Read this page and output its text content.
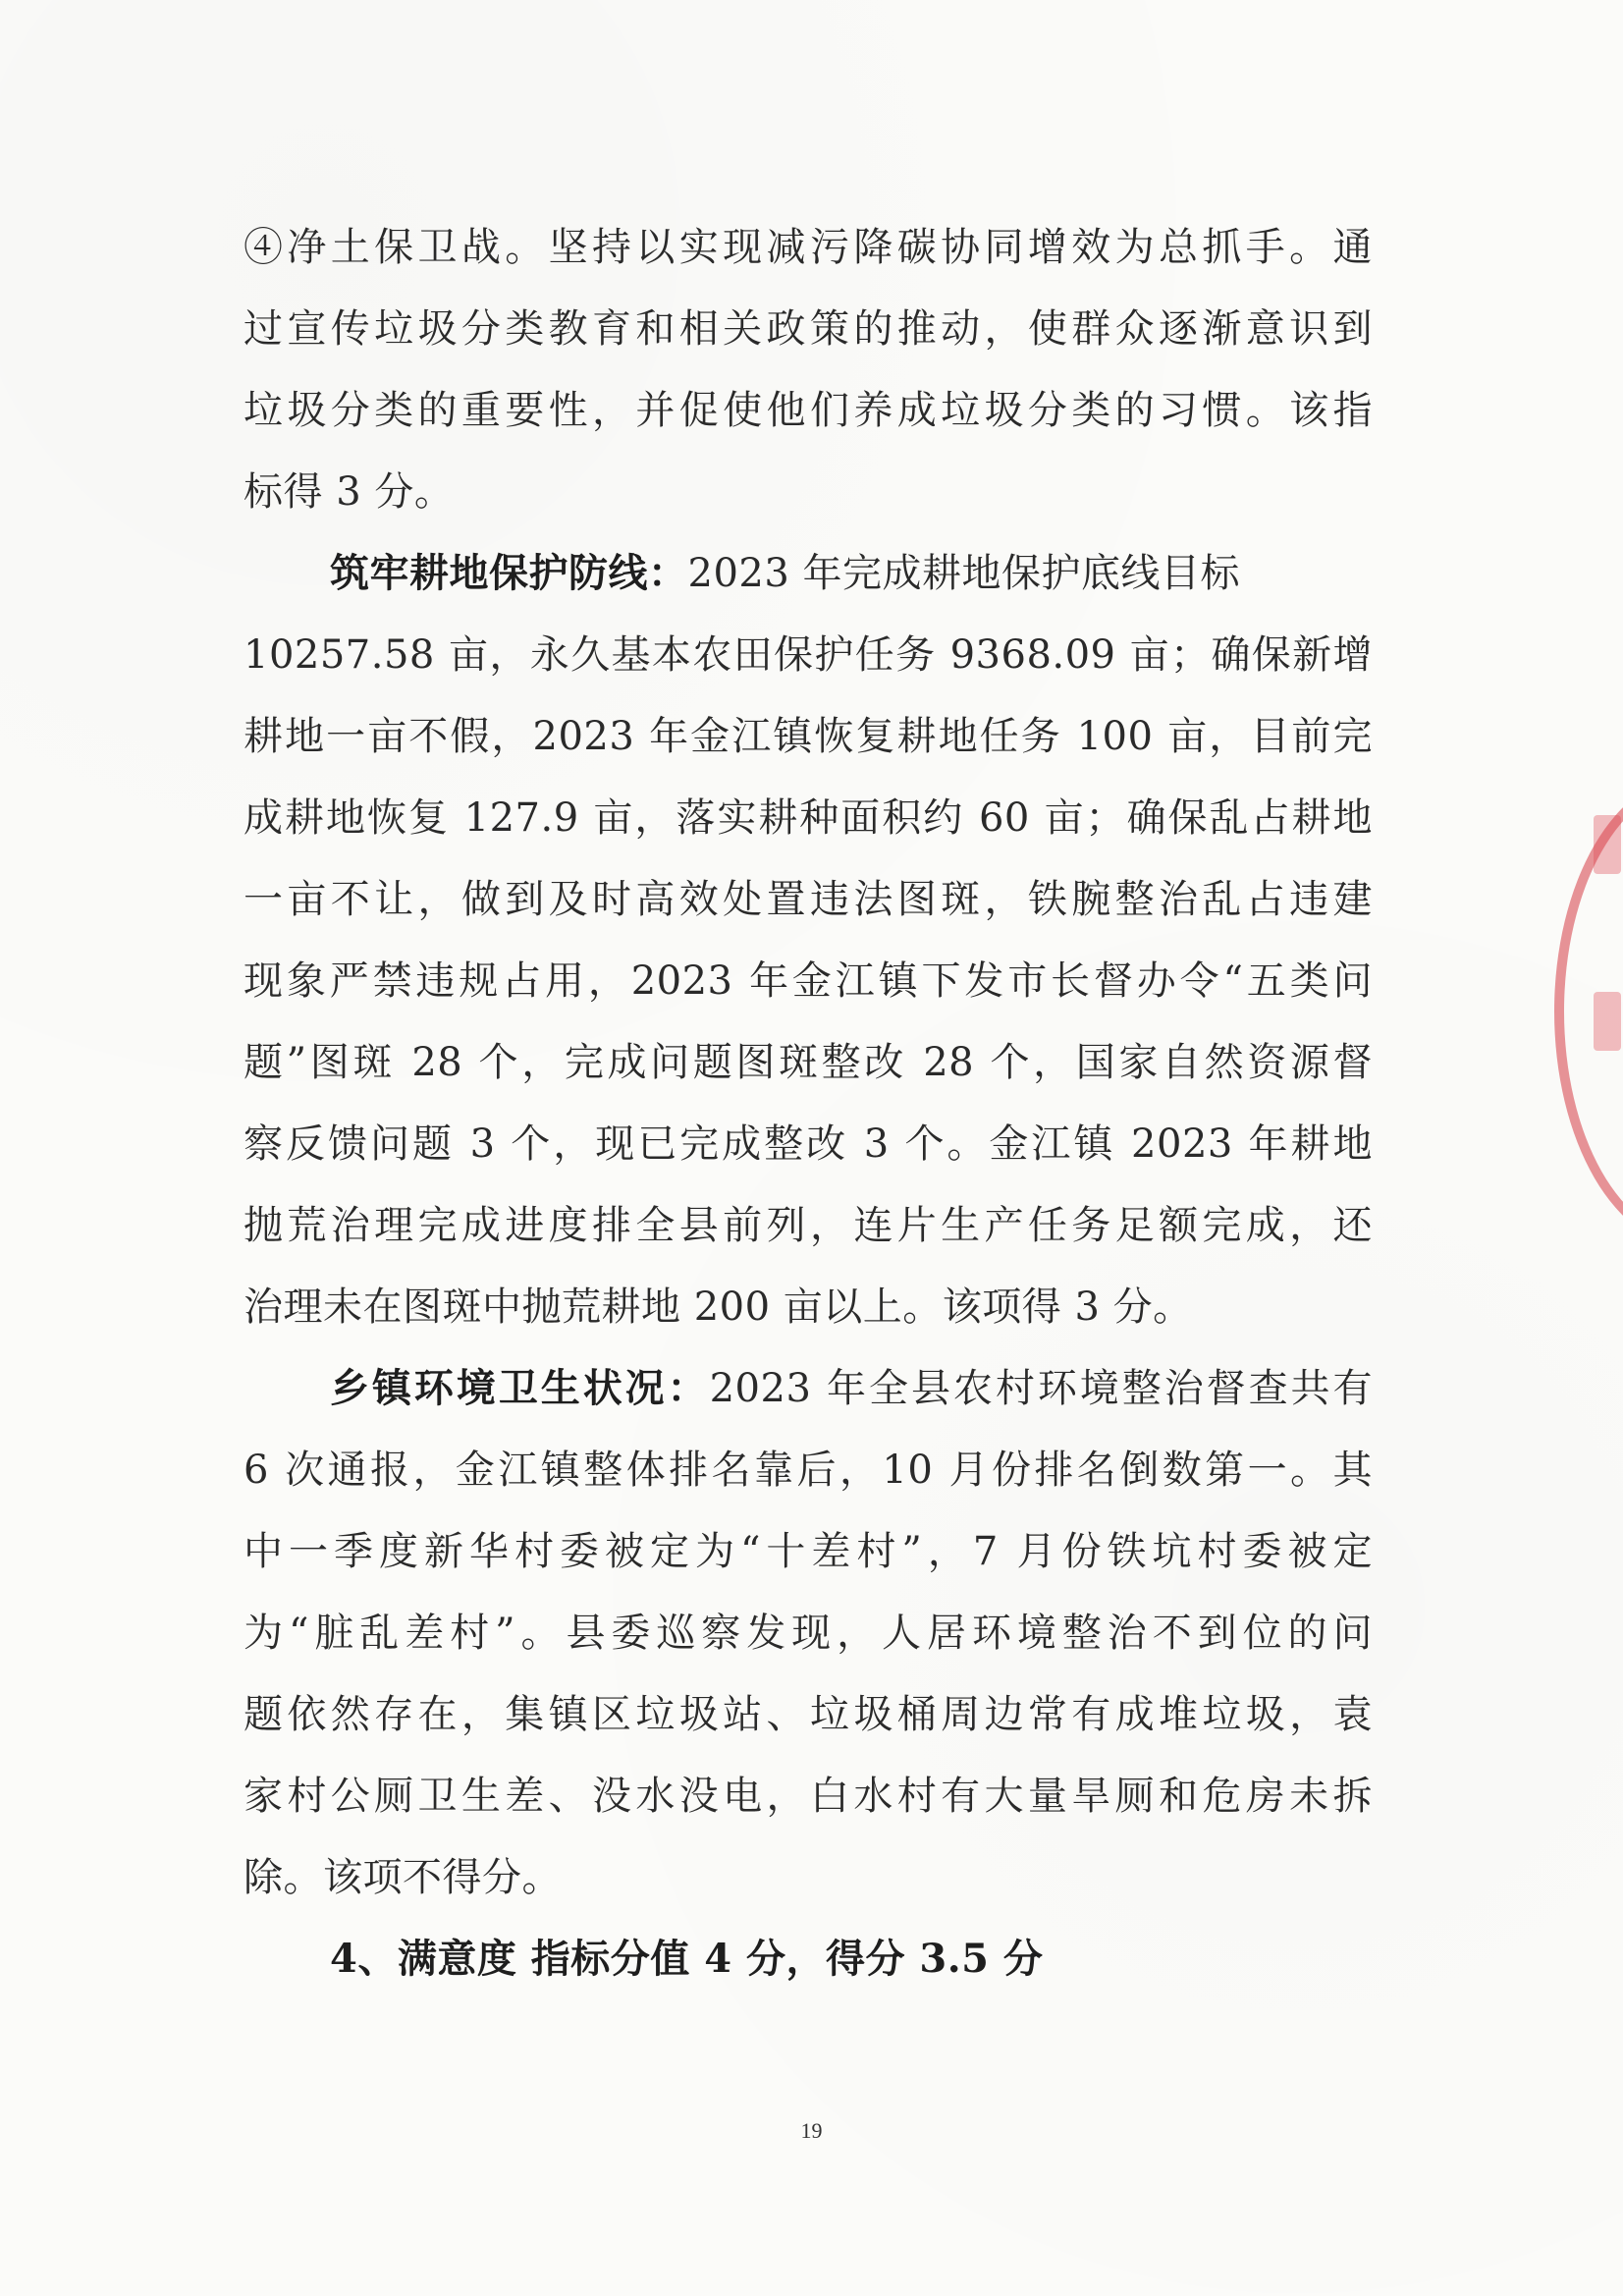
④净土保卫战。坚持以实现减污降碳协同增效为总抓手。通
过宣传垃圾分类教育和相关政策的推动，使群众逐渐意识到
垃圾分类的重要性，并促使他们养成垃圾分类的习惯。该指
标得 3 分。
筑牢耕地保护防线：2023 年完成耕地保护底线目标
10257.58 亩，永久基本农田保护任务 9368.09 亩；确保新增
耕地一亩不假，2023 年金江镇恢复耕地任务 100 亩，目前完
成耕地恢复 127.9 亩，落实耕种面积约 60 亩；确保乱占耕地
一亩不让，做到及时高效处置违法图斑，铁腕整治乱占违建
现象严禁违规占用，2023 年金江镇下发市长督办令“五类问
题”图斑 28 个，完成问题图斑整改 28 个，国家自然资源督
察反馈问题 3 个，现已完成整改 3 个。金江镇 2023 年耕地
抛荒治理完成进度排全县前列，连片生产任务足额完成，还
治理未在图斑中抛荒耕地 200 亩以上。该项得 3 分。
乡镇环境卫生状况：2023 年全县农村环境整治督查共有
6 次通报，金江镇整体排名靠后，10 月份排名倒数第一。其
中一季度新华村委被定为“十差村”，7 月份铁坑村委被定
为“脏乱差村”。县委巡察发现，人居环境整治不到位的问
题依然存在，集镇区垃圾站、垃圾桶周边常有成堆垃圾，袁
家村公厕卫生差、没水没电，白水村有大量旱厕和危房未拆
除。该项不得分。
4、满意度 指标分值 4 分，得分 3.5 分
19
